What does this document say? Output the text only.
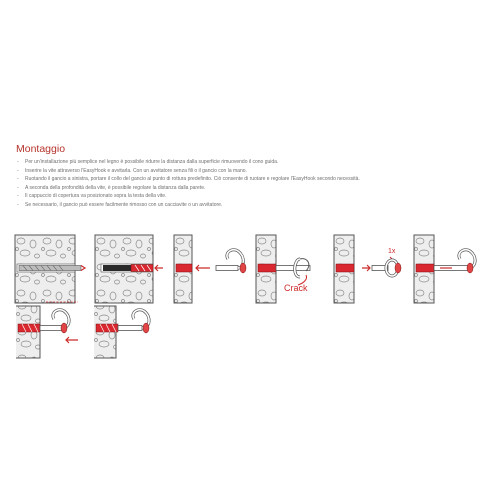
Montaggio
- Per un'installazione più semplice nel legno è possibile ridurre la distanza dalla superficie rimuovendo il cono guida.
- Inserire la vite attraverso l'EasyHook e avvitarla. Con un avvitatore senza fili o il gancio con la mano.
- Ruotando il gancio a sinistra, portare il collo del gancio al punto di rottura predefinito. Ciò consente di ruotare e regolare l'EasyHook secondo necessità.
- A seconda della profondità della vite, è possibile regolare la distanza dalla parete.
- Il cappuccio di copertura va posizionato sopra la testa della vite.
- Se necessario, il gancio può essere facilmente rimosso con un cacciavite o un avvitatore.
Crack
1x
